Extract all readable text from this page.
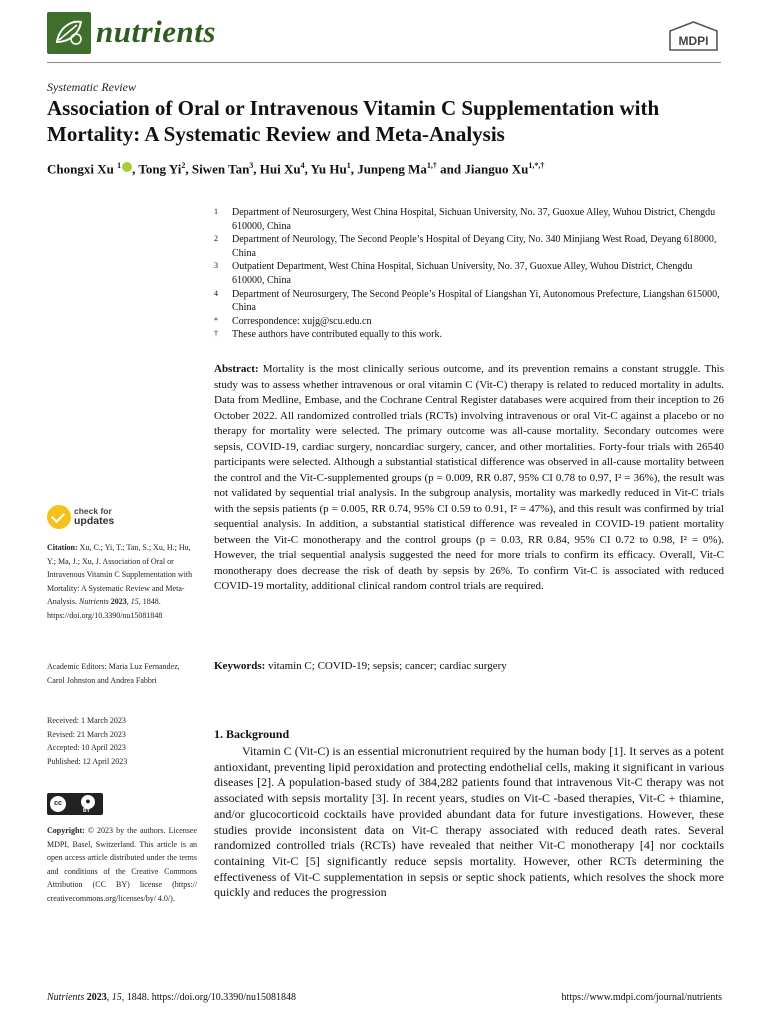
nutrients	MDPI
Systematic Review
Association of Oral or Intravenous Vitamin C Supplementation with Mortality: A Systematic Review and Meta-Analysis
Chongxi Xu $^1$ , Tong Yi$^2$, Siwen Tan$^3$, Hui Xu$^4$, Yu Hu$^1$, Junpeng $Ma^{1,\dagger}$ and Jianguo $Xu^{1,*,\dagger}$
1 Department of Neurosurgery, West China Hospital, Sichuan University, No. 37, Guoxue Alley, Wuhou District, Chengdu 610000, China
2 Department of Neurology, The Second People’s Hospital of Deyang City, No. 340 Minjiang West Road, Deyang 618000, China
3 Outpatient Department, West China Hospital, Sichuan University, No. 37, Guoxue Alley, Wuhou District, Chengdu 610000, China
4 Department of Neurosurgery, The Second People’s Hospital of Liangshan Yi, Autonomous Prefecture, Liangshan 615000, China
* Correspondence: xujg@scu.edu.cn
† These authors have contributed equally to this work.
Abstract: Mortality is the most clinically serious outcome, and its prevention remains a constant struggle. This study was to assess whether intravenous or oral vitamin C (Vit-C) therapy is related to reduced mortality in adults. Data from Medline, Embase, and the Cochrane Central Register databases were acquired from their inception to 26 October 2022. All randomized controlled trials (RCTs) involving intravenous or oral Vit-C against a placebo or no therapy for mortality were selected. The primary outcome was all-cause mortality. Secondary outcomes were sepsis, COVID-19, cardiac surgery, noncardiac surgery, cancer, and other mortalities. Forty-four trials with 26540 participants were selected. Although a substantial statistical difference was observed in all-cause mortality between the control and the Vit-C-supplemented groups (p = 0.009, RR 0.87, 95% CI 0.78 to 0.97, I² = 36%), the result was not validated by sequential trial analysis. In the subgroup analysis, mortality was markedly reduced in Vit-C trials with the sepsis patients (p = 0.005, RR 0.74, 95% CI 0.59 to 0.91, I² = 47%), and this result was confirmed by trial sequential analysis. In addition, a substantial statistical difference was revealed in COVID-19 patient mortality between the Vit-C monotherapy and the control groups (p = 0.03, RR 0.84, 95% CI 0.72 to 0.98, I² = 0%). However, the trial sequential analysis suggested the need for more trials to confirm its efficacy. Overall, Vit-C monotherapy does decrease the risk of death by sepsis by 26%. To confirm Vit-C is associated with reduced COVID-19 mortality, additional clinical random control trials are required.
Keywords: vitamin C; COVID-19; sepsis; cancer; cardiac surgery
check for
updates
Citation: Xu, C.; Yi, T.; Tan, S.; Xu, H.; Hu, Y.; Ma, J.; Xu, J. Association of Oral or Intravenous Vitamin C Supplementation with Mortality: A Systematic Review and Meta-Analysis. Nutrients 2023, 15, 1848. https://doi.org/10.3390/nu15081848
Academic Editors: Maria Luz Fernandez, Carol Johnston and Andrea Fabbri
Received: 1 March 2023
Revised: 21 March 2023
Accepted: 10 April 2023
Published: 12 April 2023
cc	●
BY
Copyright: © 2023 by the authors. Licensee MDPI, Basel, Switzerland. This article is an open access article distributed under the terms and conditions of the Creative Commons Attribution (CC BY) license (https:// creativecommons.org/licenses/by/ 4.0/).
1. Background
Vitamin C (Vit-C) is an essential micronutrient required by the human body [1]. It serves as a potent antioxidant, preventing lipid peroxidation and protecting endothelial cells, making it significant in various diseases [2]. A population-based study of 384,282 patients found that intravenous Vit-C therapy was not associated with sepsis mortality [3]. In recent years, studies on Vit-C -based therapies, Vit-C + thiamine, and/or glucocorticoid cocktails have provided abundant data for future investigations. However, these studies provide inconsistent data on Vit-C therapy associated with reduced death rates. Several randomized controlled trials (RCTs) have revealed that neither Vit-C monotherapy [4] nor cocktails containing Vit-C [5] significantly reduce sepsis mortality. However, other RCTs determining the effectiveness of Vit-C supplementation in sepsis or septic shock patients, which resolves the shock more quickly and reduces the progression
Nutrients 2023, 15, 1848. https://doi.org/10.3390/nu15081848	https://www.mdpi.com/journal/nutrients
